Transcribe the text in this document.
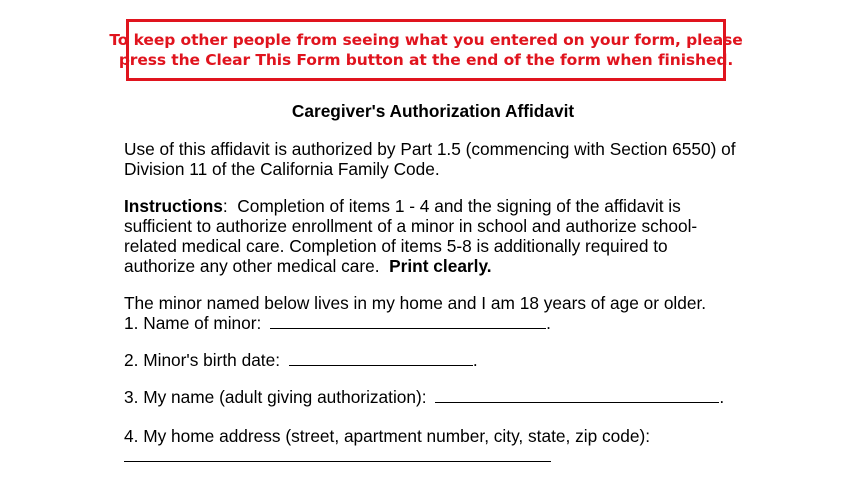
To keep other people from seeing what you entered on your form, please
press the Clear This Form button at the end of the form when finished.
Caregiver's Authorization Affidavit
Use of this affidavit is authorized by Part 1.5 (commencing with Section 6550) of
Division 11 of the California Family Code.
Instructions:  Completion of items 1 - 4 and the signing of the affidavit is
sufficient to authorize enrollment of a minor in school and authorize school-
related medical care. Completion of items 5-8 is additionally required to
authorize any other medical care.  Print clearly.
The minor named below lives in my home and I am 18 years of age or older.
1. Name of minor:	.
2. Minor's birth date:	.
3. My name (adult giving authorization):	.
4. My home address (street, apartment number, city, state, zip code):
